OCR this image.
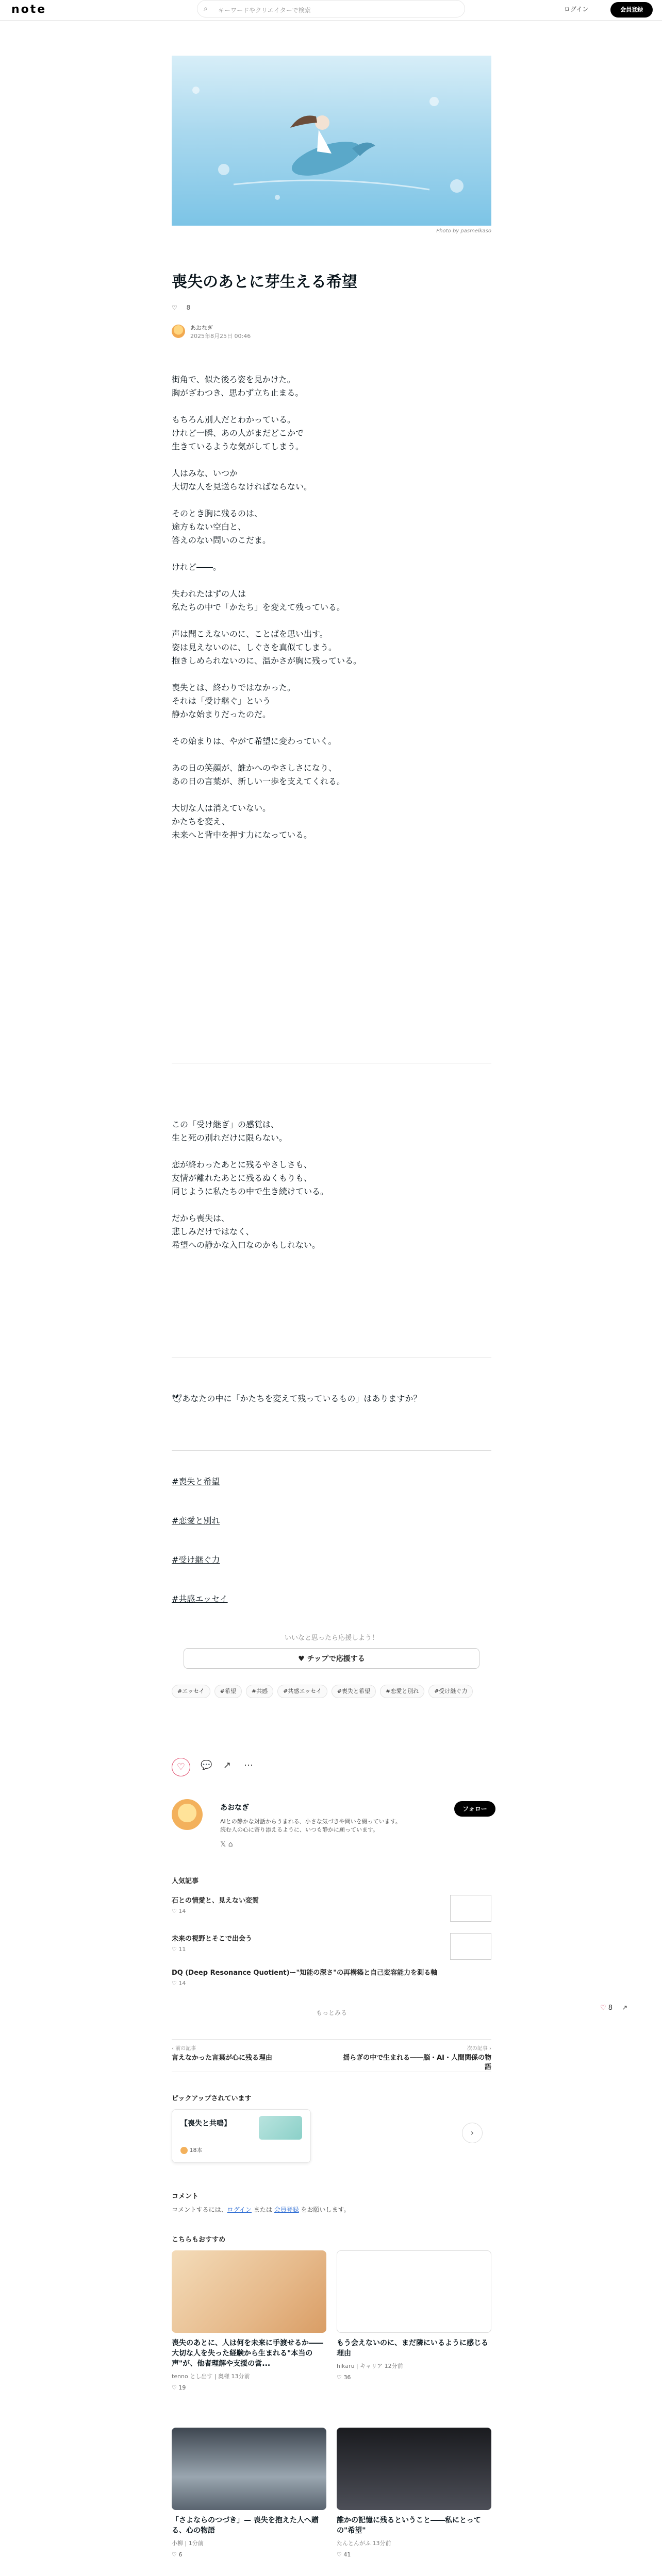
note	⌕ キーワードやクリエイターで検索	ログイン	会員登録
Photo by pasmelkaso
喪失のあとに芽生える希望
♡ 8
あおなぎ
2025年8月25日 00:46
街角で、似た後ろ姿を見かけた。
胸がざわつき、思わず立ち止まる。
もちろん別人だとわかっている。
けれど一瞬、あの人がまだどこかで
生きているような気がしてしまう。
人はみな、いつか
大切な人を見送らなければならない。
そのとき胸に残るのは、
途方もない空白と、
答えのない問いのこだま。
けれど――。
失われたはずの人は
私たちの中で「かたち」を変えて残っている。
声は聞こえないのに、ことばを思い出す。
姿は見えないのに、しぐさを真似てしまう。
抱きしめられないのに、温かさが胸に残っている。
喪失とは、終わりではなかった。
それは「受け継ぐ」という
静かな始まりだったのだ。
その始まりは、やがて希望に変わっていく。
あの日の笑顔が、誰かへのやさしさになり、
あの日の言葉が、新しい一歩を支えてくれる。
大切な人は消えていない。
かたちを変え、
未来へと背中を押す力になっている。
この「受け継ぎ」の感覚は、
生と死の別れだけに限らない。
恋が終わったあとに残るやさしさも、
友情が離れたあとに残るぬくもりも、
同じように私たちの中で生き続けている。
だから喪失は、
悲しみだけではなく、
希望への静かな入口なのかもしれない。
🕊あなたの中に「かたちを変えて残っているもの」はありますか？
#喪失と希望
#恋愛と別れ
#受け継ぐ力
#共感エッセイ
いいなと思ったら応援しよう！
♥ チップで応援する
#エッセイ	#希望	#共感	#共感エッセイ	#喪失と希望	#恋愛と別れ	#受け継ぐ力
♡	💬 ↗ ⋯
あおなぎ
AIとの静かな対話からうまれる、小さな気づきや問いを綴っています。
読む人の心に寄り添えるように、いつも静かに願っています。
フォロー
𝕏 ⌂
人気記事
石との情愛と、見えない変質
♡ 14
未来の視野とそこで出会う
♡ 11
DQ (Deep Resonance Quotient)ー"知能の深さ"の再構築と自己変容能力を測る軸
♡ 14
もっとみる
♡ 8 ↗
‹ 前の記事
言えなかった言葉が心に残る理由
次の記事 ›
揺らぎの中で生まれる――脳・AI・人間関係の物語
ピックアップされています
【喪失と共鳴】
18本
›
コメント
コメントするには、ログイン または 会員登録 をお願いします。
こちらもおすすめ
喪失のあとに、人は何を未来に手渡せるか――大切な人を失った経験から生まれる"本当の声"が、他者理解や支援の営...
tenno とし出す | 奥様 13分前
♡ 19
もう会えないのに、まだ隣にいるように感じる理由
hikaru | キャリア 12分前
♡ 36
「さよならのつづき」— 喪失を抱えた人へ贈る、心の物語
小柳 | 1分前
♡ 6
誰かの記憶に残るということ――私にとっての"希望"
たんとんがふ 13分前
♡ 41
